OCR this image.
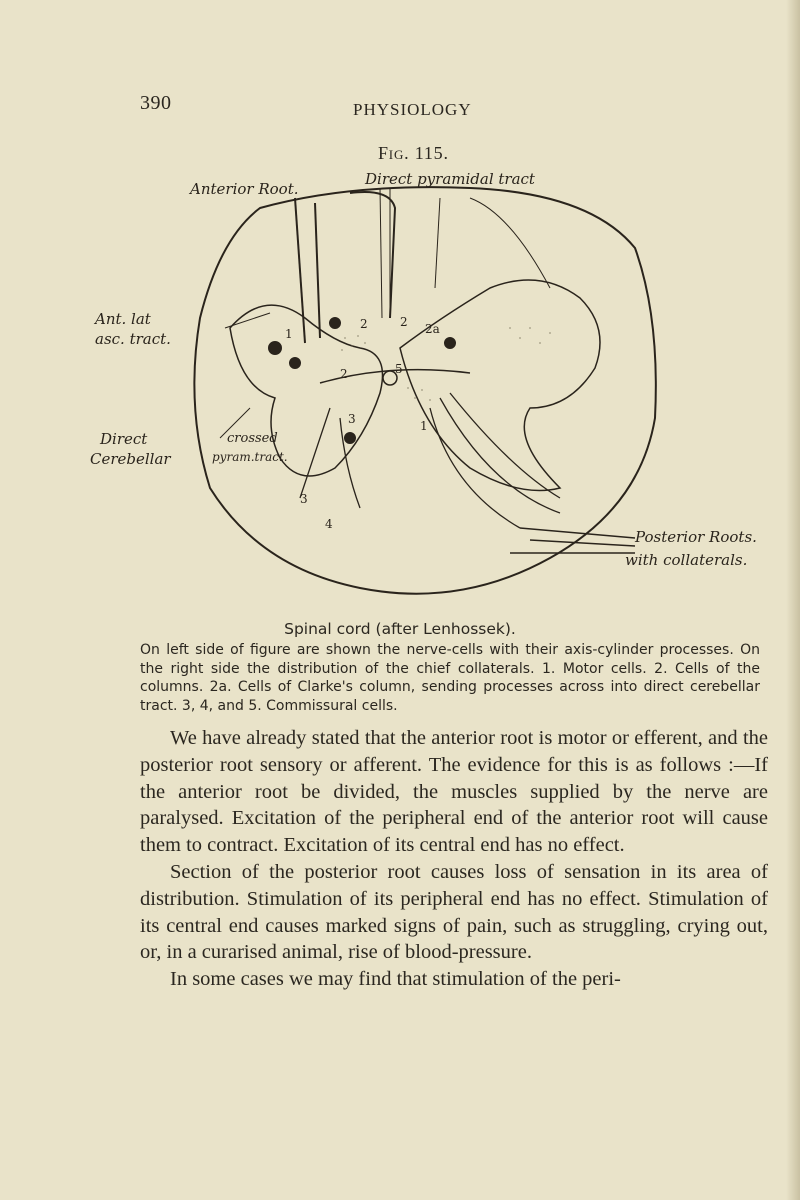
390	PHYSIOLOGY
Fig. 115.
1
2	2a
2
3
4
5
2
1
3
Anterior Root.
Direct pyramidal tract
Ant. lat
asc. tract.
Direct
Cerebellar
crossed
pyram.tract.
Posterior Roots.
with collaterals.
Spinal cord (after Lenhossek).
On left side of figure are shown the nerve-cells with their axis-cylinder processes. On the right side the distribution of the chief collaterals. 1. Motor cells. 2. Cells of the columns. 2a. Cells of Clarke's column, sending processes across into direct cerebellar tract. 3, 4, and 5. Commissural cells.

We have already stated that the anterior root is motor or efferent, and the posterior root sensory or afferent. The evidence for this is as follows :—If the anterior root be divided, the muscles supplied by the nerve are paralysed. Excitation of the peripheral end of the anterior root will cause them to contract. Excitation of its central end has no effect.

Section of the posterior root causes loss of sensation in its area of distribution. Stimulation of its peripheral end has no effect. Stimulation of its central end causes marked signs of pain, such as struggling, crying out, or, in a curarised animal, rise of blood-pressure.

In some cases we may find that stimulation of the peri-
